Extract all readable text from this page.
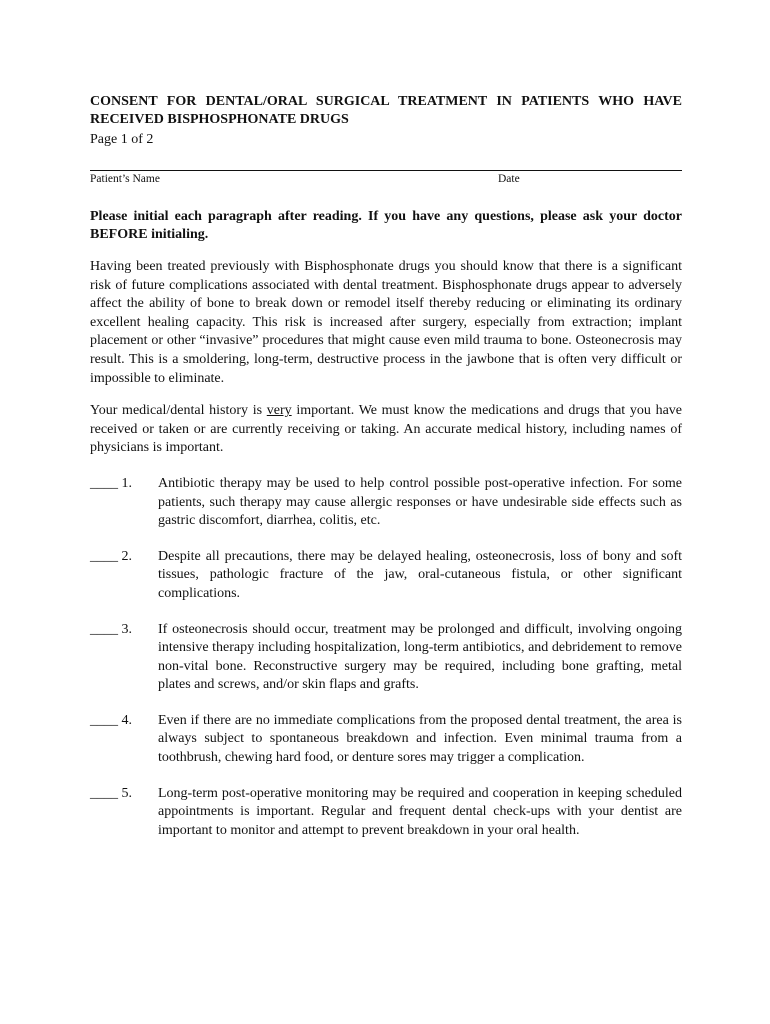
CONSENT FOR DENTAL/ORAL SURGICAL TREATMENT IN PATIENTS WHO HAVE RECEIVED BISPHOSPHONATE DRUGS

Page 1 of 2

Patient’s Name	Date

Please initial each paragraph after reading. If you have any questions, please ask your doctor BEFORE initialing.

Having been treated previously with Bisphosphonate drugs you should know that there is a significant risk of future complications associated with dental treatment. Bisphosphonate drugs appear to adversely affect the ability of bone to break down or remodel itself thereby reducing or eliminating its ordinary excellent healing capacity. This risk is increased after surgery, especially from extraction; implant placement or other “invasive” procedures that might cause even mild trauma to bone. Osteonecrosis may result. This is a smoldering, long-term, destructive process in the jawbone that is often very difficult or impossible to eliminate.

Your medical/dental history is very important. We must know the medications and drugs that you have received or taken or are currently receiving or taking. An accurate medical history, including names of physicians is important.

____ 1.	Antibiotic therapy may be used to help control possible post-operative infection. For some patients, such therapy may cause allergic responses or have undesirable side effects such as gastric discomfort, diarrhea, colitis, etc.
____ 2.	Despite all precautions, there may be delayed healing, osteonecrosis, loss of bony and soft tissues, pathologic fracture of the jaw, oral-cutaneous fistula, or other significant complications.
____ 3.	If osteonecrosis should occur, treatment may be prolonged and difficult, involving ongoing intensive therapy including hospitalization, long-term antibiotics, and debridement to remove non-vital bone. Reconstructive surgery may be required, including bone grafting, metal plates and screws, and/or skin flaps and grafts.
____ 4.	Even if there are no immediate complications from the proposed dental treatment, the area is always subject to spontaneous breakdown and infection. Even minimal trauma from a toothbrush, chewing hard food, or denture sores may trigger a complication.
____ 5.	Long-term post-operative monitoring may be required and cooperation in keeping scheduled appointments is important. Regular and frequent dental check-ups with your dentist are important to monitor and attempt to prevent breakdown in your oral health.
